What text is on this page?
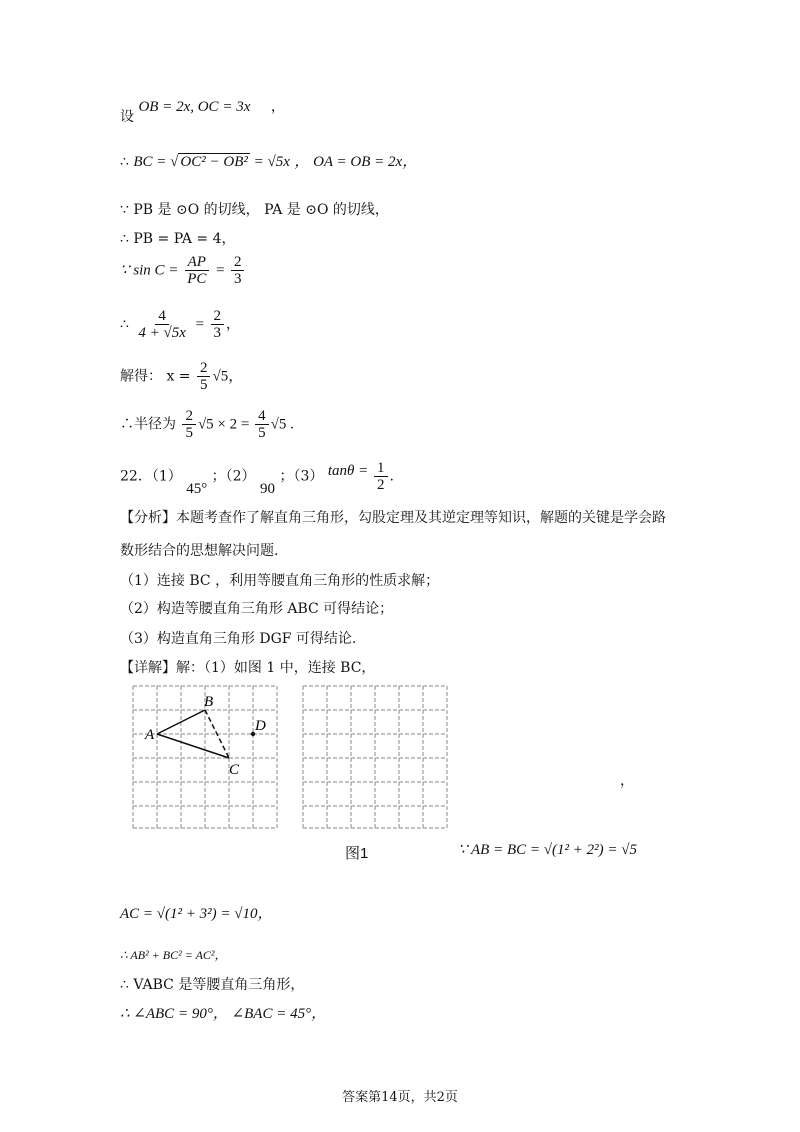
设 OB = 2x, OC = 3x ，
∴ BC = √ OC² − OB² = √5x ， OA = OB = 2x，
∵ PB 是 ⊙O 的切线， PA 是 ⊙O 的切线，
∴ PB = PA = 4，
∵ $\sin C = \frac{AP}{PC} = \frac{2}{3}$
∴ $\frac{4}{4 + √5x} = \frac{2}{3}$ ，
解得： $x = \frac{2}{5} √5$，
∴半径为 $\frac{2}{5} √5 \times 2 = \frac{4}{5} √5$ .
22．（1） 45° ；（2） 90 ；（3） $\tan\theta = \frac{1}{2}$ .
【分析】本题考查作了解直角三角形，勾股定理及其逆定理等知识，解题的关键是学会路
数形结合的思想解决问题.
（1）连接 BC ，利用等腰直角三角形的性质求解；
（2）构造等腰直角三角形 ABC 可得结论；
（3）构造直角三角形 DGF 可得结论.
【详解】解：（1）如图 1 中，连接 BC，
A
B
C
D
，
图1	∵ AB = BC = √(1² + 2²) = √5
AC = √(1² + 3²) = √10，
∴ AB² + BC² = AC²，
∴ VABC 是等腰直角三角形，
∴ ∠ABC = 90°， ∠BAC = 45°，
答案第14页，共2页
